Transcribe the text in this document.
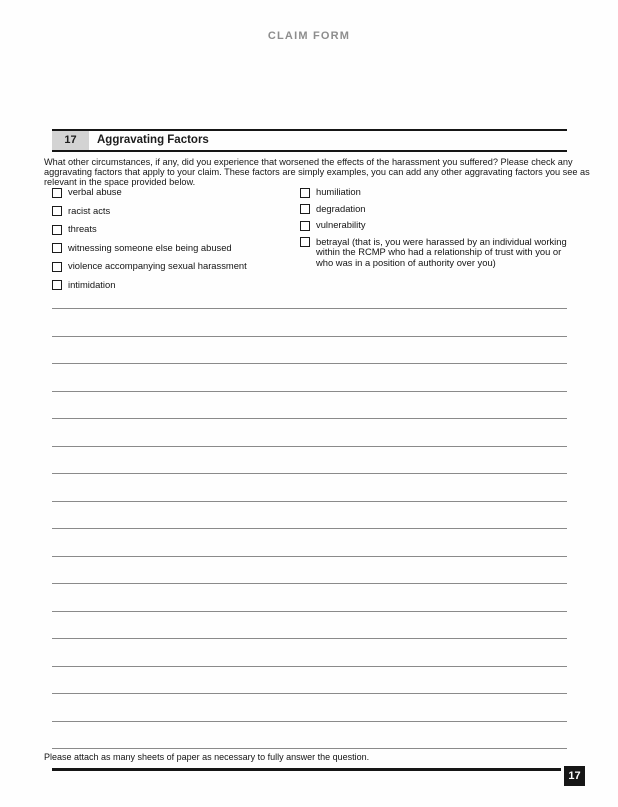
CLAIM FORM
17	Aggravating Factors
What other circumstances, if any, did you experience that worsened the effects of the harassment you suffered? Please check any
aggravating factors that apply to your claim. These factors are simply examples, you can add any other aggravating factors you see as
relevant in the space provided below.
verbal abuse
racist acts
threats
witnessing someone else being abused
violence accompanying sexual harassment
intimidation
humiliation
degradation
vulnerability
betrayal (that is, you were harassed by an individual working within the RCMP who had a relationship of trust with you or who was in a position of authority over you)
Please attach as many sheets of paper as necessary to fully answer the question.
17
